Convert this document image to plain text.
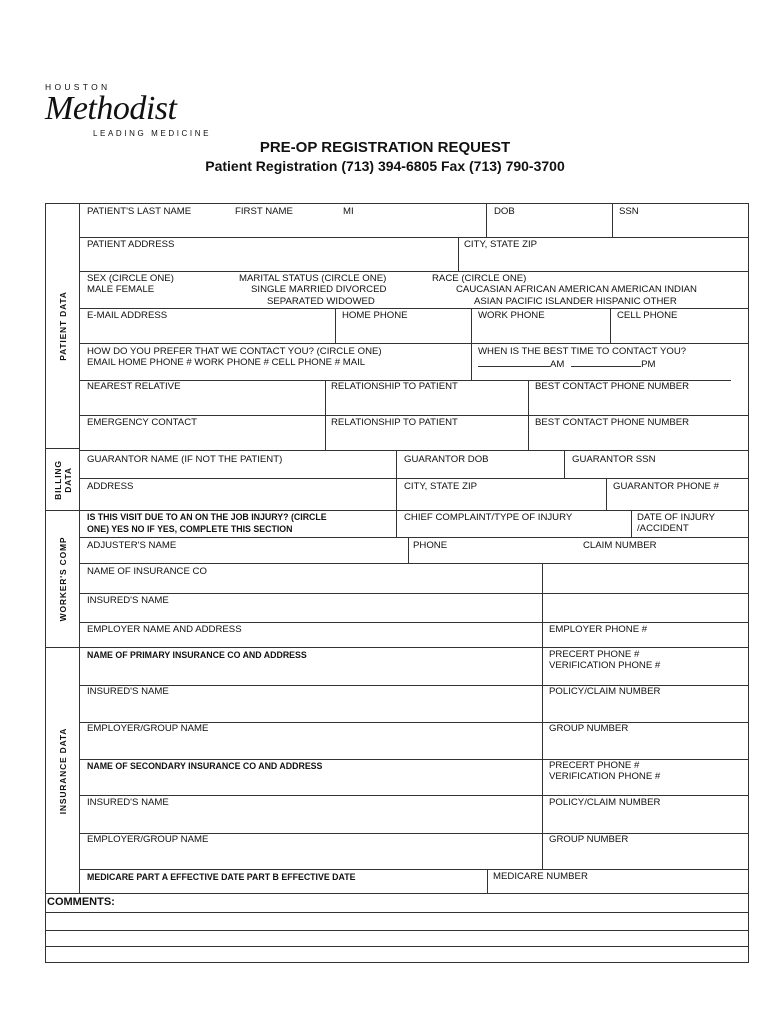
HOUSTON
Methodist
LEADING MEDICINE
PRE-OP REGISTRATION REQUEST
Patient Registration (713) 394-6805 Fax (713) 790-3700
PATIENT DATA
BILLING DATA
WORKER'S COMP
INSURANCE DATA
PATIENT'S LAST NAME	FIRST NAME	MI	DOB	SSN
PATIENT ADDRESS	CITY, STATE ZIP
SEX (CIRCLE ONE)
MALE FEMALE
MARITAL STATUS (CIRCLE ONE)
SINGLE MARRIED DIVORCED
SEPARATED WIDOWED
RACE (CIRCLE ONE)
CAUCASIAN AFRICAN AMERICAN AMERICAN INDIAN
ASIAN PACIFIC ISLANDER HISPANIC OTHER
E-MAIL ADDRESS	HOME PHONE	WORK PHONE	CELL PHONE
HOW DO YOU PREFER THAT WE CONTACT YOU? (CIRCLE ONE)
EMAIL HOME PHONE # WORK PHONE # CELL PHONE # MAIL
WHEN IS THE BEST TIME TO CONTACT YOU?
AM	PM
NEAREST RELATIVE	RELATIONSHIP TO PATIENT	BEST CONTACT PHONE NUMBER
EMERGENCY CONTACT	RELATIONSHIP TO PATIENT	BEST CONTACT PHONE NUMBER
GUARANTOR NAME (IF NOT THE PATIENT)	GUARANTOR DOB	GUARANTOR SSN
ADDRESS	CITY, STATE ZIP	GUARANTOR PHONE #
IS THIS VISIT DUE TO AN ON THE JOB INJURY? (CIRCLE
ONE) YES NO IF YES, COMPLETE THIS SECTION
CHIEF COMPLAINT/TYPE OF INJURY	DATE OF INJURY
/ACCIDENT
ADJUSTER'S NAME	PHONE	CLAIM NUMBER
NAME OF INSURANCE CO
INSURED'S NAME
EMPLOYER NAME AND ADDRESS	EMPLOYER PHONE #
NAME OF PRIMARY INSURANCE CO AND ADDRESS	PRECERT PHONE #
VERIFICATION PHONE #
INSURED'S NAME	POLICY/CLAIM NUMBER
EMPLOYER/GROUP NAME	GROUP NUMBER
NAME OF SECONDARY INSURANCE CO AND ADDRESS	PRECERT PHONE #
VERIFICATION PHONE #
INSURED'S NAME	POLICY/CLAIM NUMBER
EMPLOYER/GROUP NAME	GROUP NUMBER
MEDICARE PART A EFFECTIVE DATE PART B EFFECTIVE DATE	MEDICARE NUMBER
COMMENTS:
